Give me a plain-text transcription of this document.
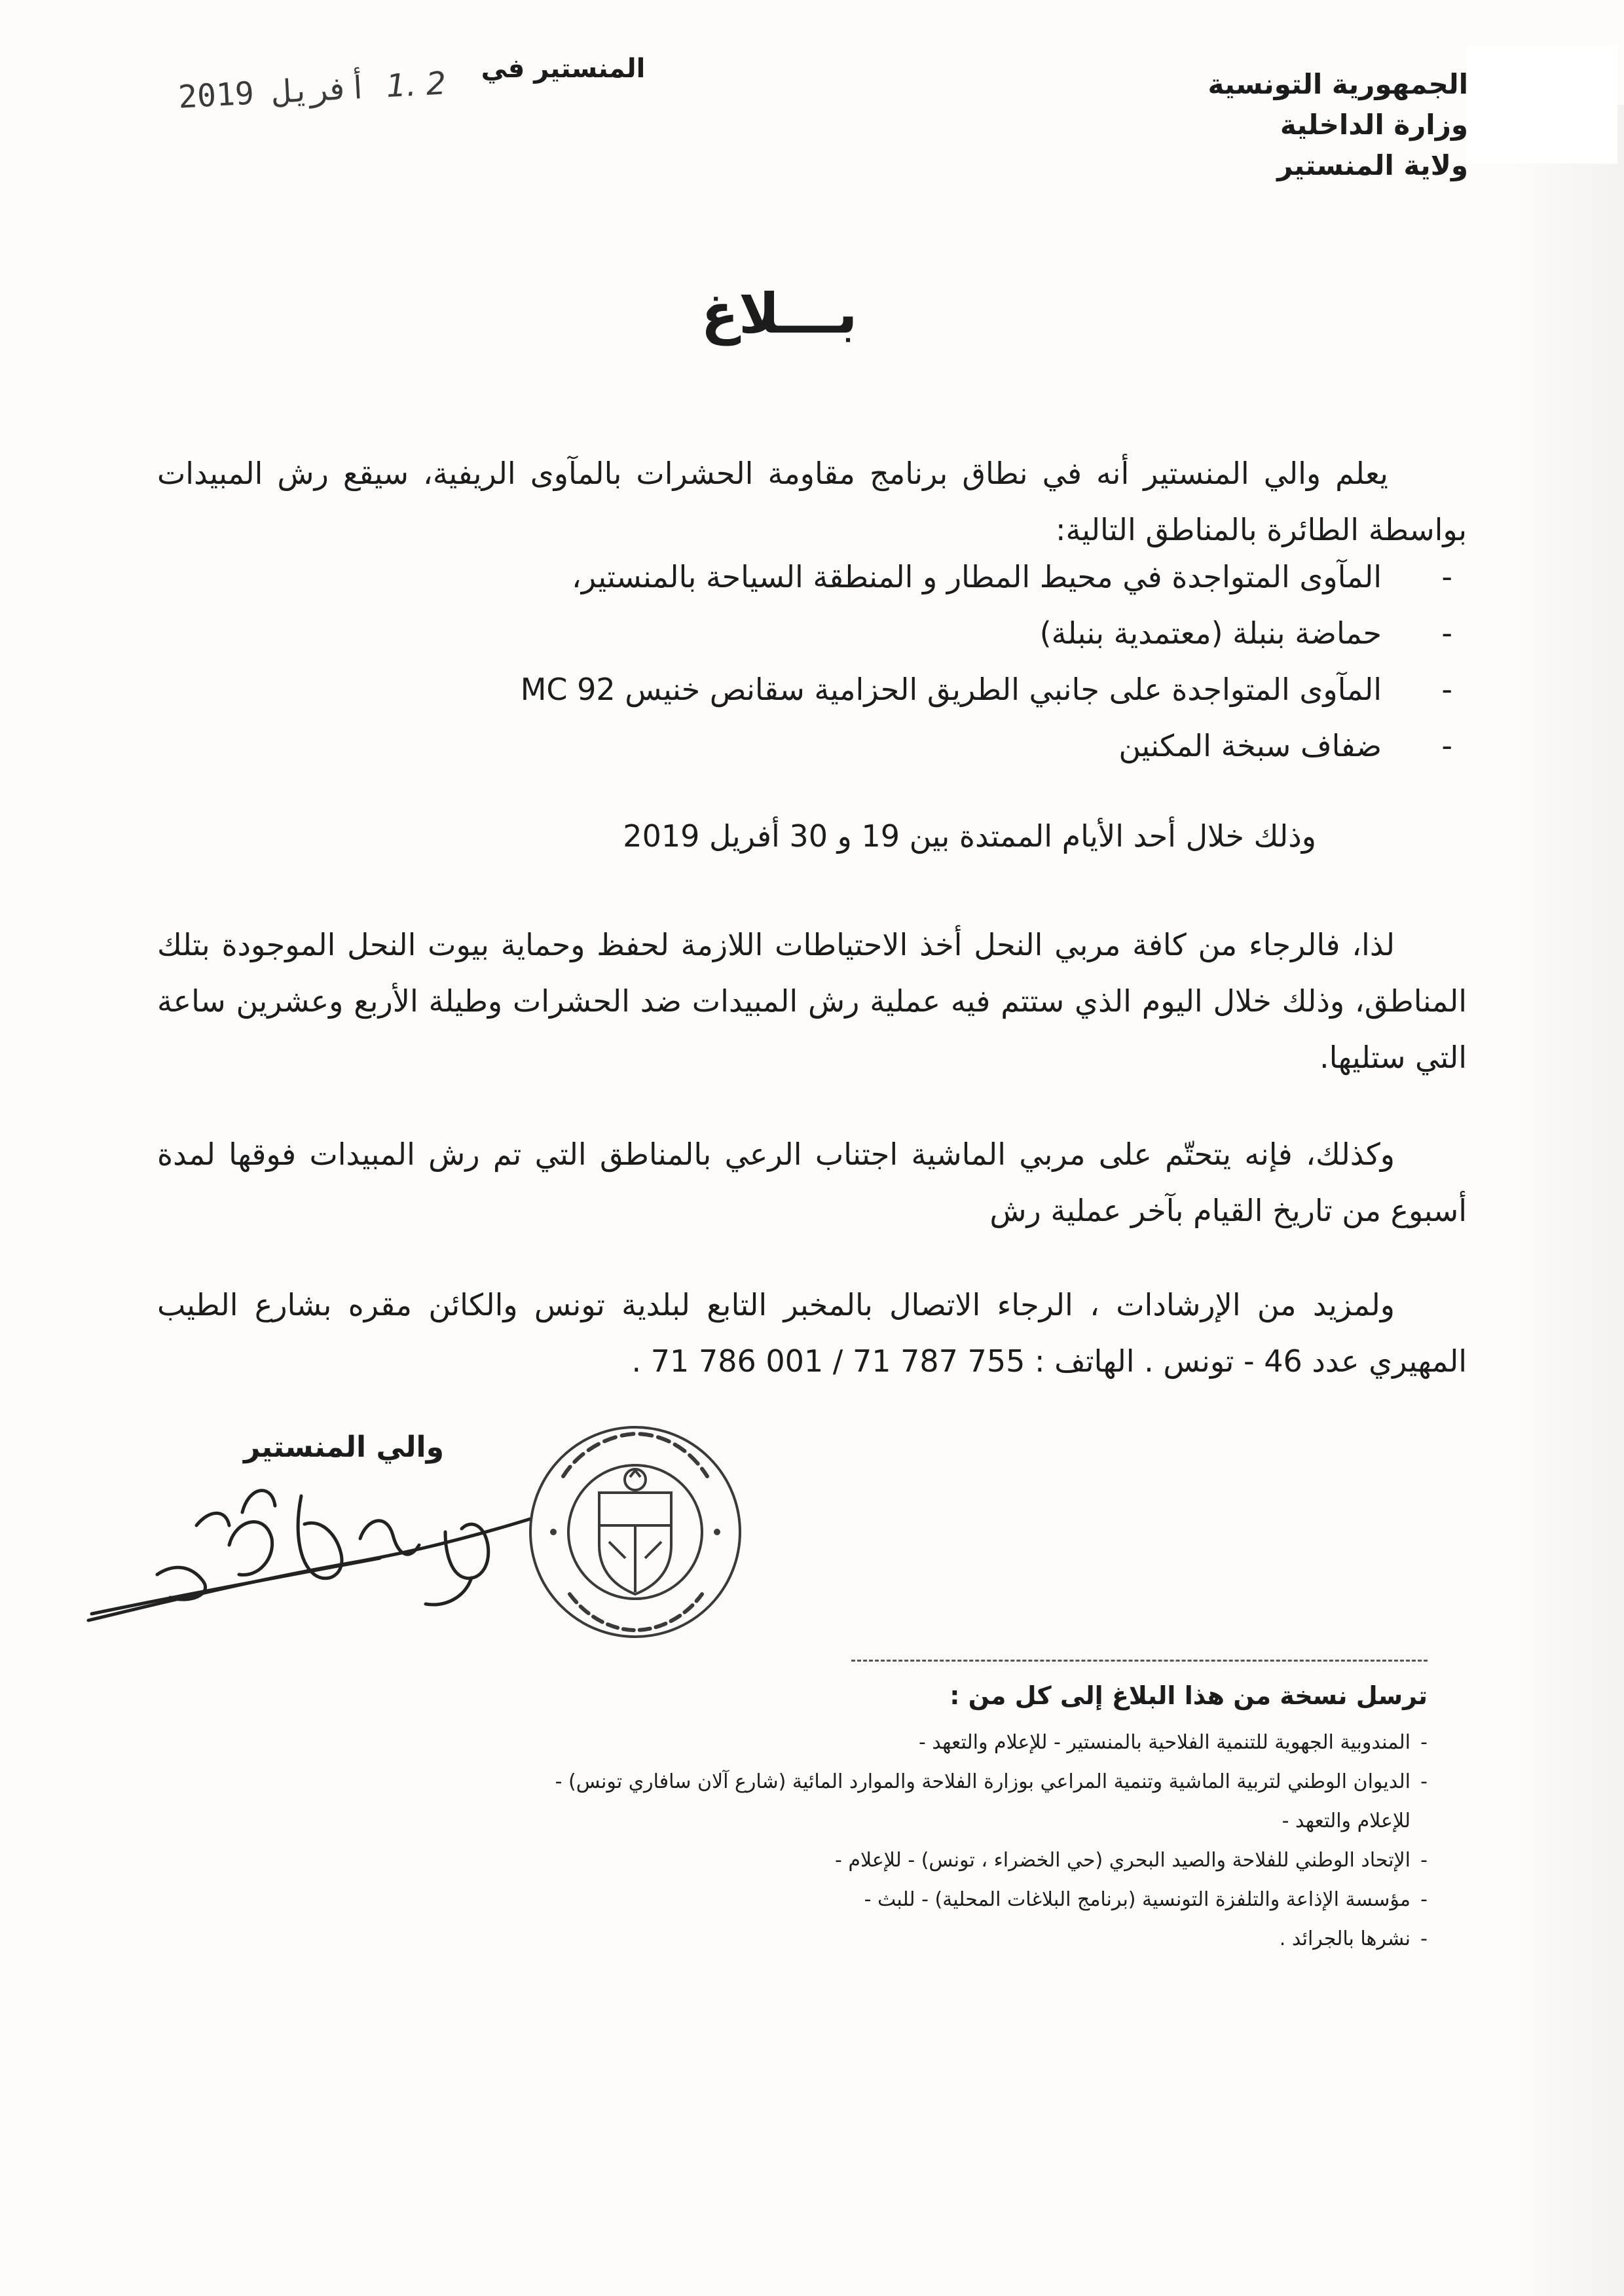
الجمهورية التونسية
وزارة الداخلية
ولاية المنستير
المنستير في
2019 أفريل 1. 2
بـــلاغ

يعلم والي المنستير أنه في نطاق برنامج مقاومة الحشرات بالمآوى الريفية، سيقع رش المبيدات

بواسطة الطائرة بالمناطق التالية:

- المآوى المتواجدة في محيط المطار و المنطقة السياحة بالمنستير،
- حماضة بنبلة (معتمدية بنبلة)
- المآوى المتواجدة على جانبي الطريق الحزامية سقانص خنيس MC 92
- ضفاف سبخة المكنين
وذلك خلال أحد الأيام الممتدة بين 19 و 30 أفريل 2019

لذا، فالرجاء من كافة مربي النحل أخذ الاحتياطات اللازمة لحفظ وحماية بيوت النحل الموجودة بتلك المناطق، وذلك خلال اليوم الذي ستتم فيه عملية رش المبيدات ضد الحشرات وطيلة الأربع وعشرين ساعة التي ستليها.

وكذلك، فإنه يتحتّم على مربي الماشية اجتناب الرعي بالمناطق التي تم رش المبيدات فوقها لمدة أسبوع من تاريخ القيام بآخر عملية رش

ولمزيد من الإرشادات ، الرجاء الاتصال بالمخبر التابع لبلدية تونس والكائن مقره بشارع الطيب المهيري عدد 46 - تونس . الهاتف : 755 787 71 / 001 786 71 .

والي المنستير
ترسل نسخة من هذا البلاغ إلى كل من :
- المندوبية الجهوية للتنمية الفلاحية بالمنستير - للإعلام والتعهد -
- الديوان الوطني لتربية الماشية وتنمية المراعي بوزارة الفلاحة والموارد المائية (شارع آلان سافاري تونس) - للإعلام والتعهد -
- الإتحاد الوطني للفلاحة والصيد البحري (حي الخضراء ، تونس) - للإعلام -
- مؤسسة الإذاعة والتلفزة التونسية (برنامج البلاغات المحلية) - للبث -
- نشرها بالجرائد .
